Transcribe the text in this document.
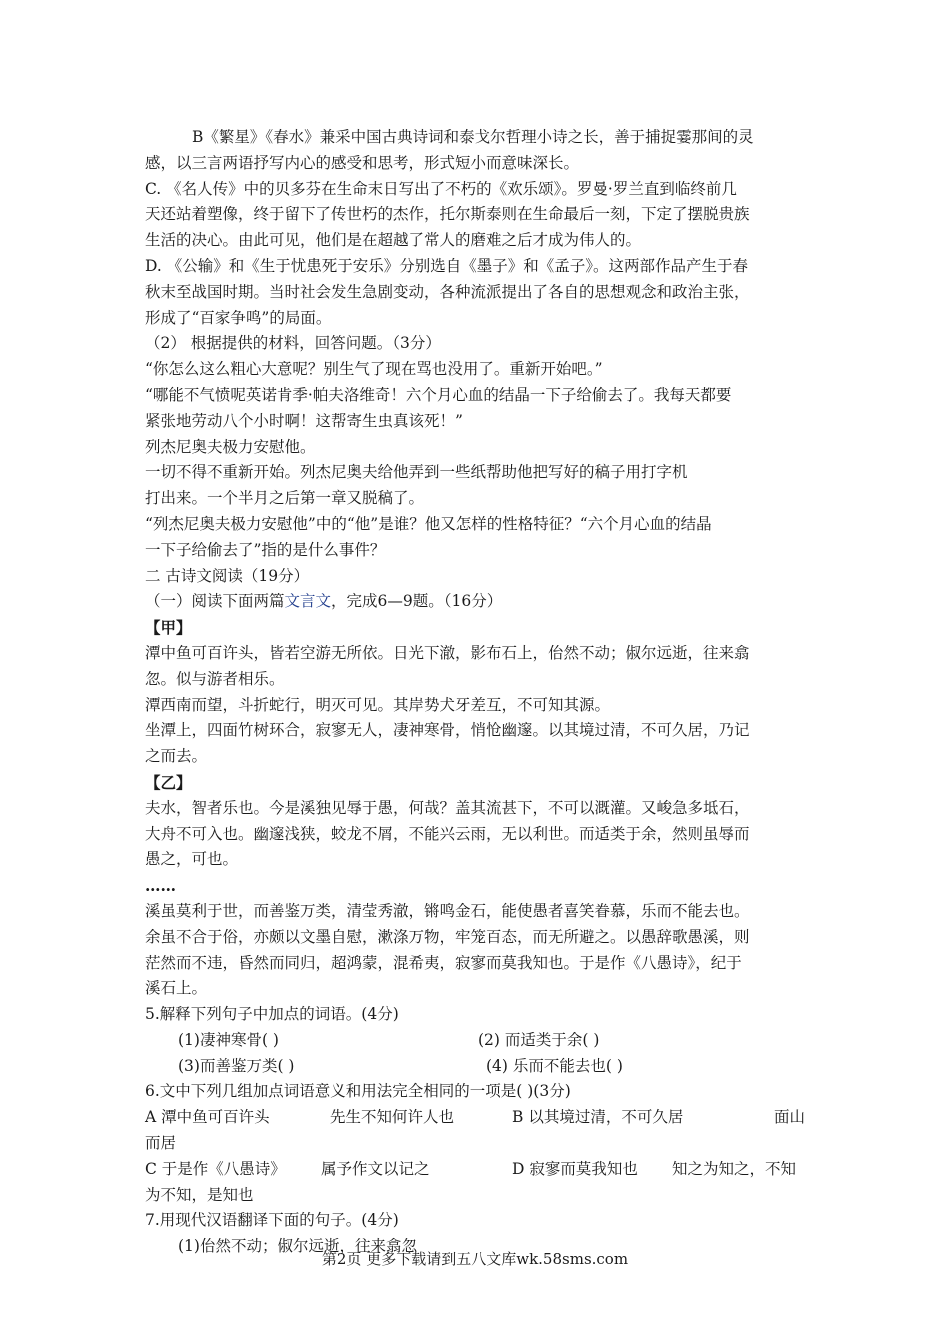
B《繁星》《春水》兼采中国古典诗词和泰戈尔哲理小诗之长，善于捕捉霎那间的灵
感，以三言两语抒写内心的感受和思考，形式短小而意味深长。
C. 《名人传》中的贝多芬在生命末日写出了不朽的《欢乐颂》。罗曼·罗兰直到临终前几
天还站着塑像，终于留下了传世朽的杰作，托尔斯泰则在生命最后一刻，下定了摆脱贵族
生活的决心。由此可见，他们是在超越了常人的磨难之后才成为伟人的。
D. 《公输》和《生于忧患死于安乐》分别选自《墨子》和《孟子》。这两部作品产生于春
秋末至战国时期。当时社会发生急剧变动，各种流派提出了各自的思想观念和政治主张，
形成了“百家争鸣”的局面。
（2） 根据提供的材料，回答问题。（3分）
“你怎么这么粗心大意呢？别生气了现在骂也没用了。重新开始吧。”
“哪能不气愤呢英诺肯季·帕夫洛维奇！六个月心血的结晶一下子给偷去了。我每天都要
紧张地劳动八个小时啊！这帮寄生虫真该死！”
列杰尼奥夫极力安慰他。
一切不得不重新开始。列杰尼奥夫给他弄到一些纸帮助他把写好的稿子用打字机
打出来。一个半月之后第一章又脱稿了。
“列杰尼奥夫极力安慰他”中的“他”是谁？他又怎样的性格特征？“六个月心血的结晶
一下子给偷去了”指的是什么事件？
二 古诗文阅读（19分）
（一）阅读下面两篇文言文，完成6—9题。（16分）
【甲】
潭中鱼可百许头，皆若空游无所依。日光下澈，影布石上，佁然不动；俶尔远逝，往来翕
忽。似与游者相乐。
潭西南而望，斗折蛇行，明灭可见。其岸势犬牙差互，不可知其源。
坐潭上，四面竹树环合，寂寥无人，凄神寒骨，悄怆幽邃。以其境过清，不可久居，乃记
之而去。
【乙】
夫水，智者乐也。今是溪独见辱于愚，何哉？盖其流甚下，不可以溉灌。又峻急多坻石，
大舟不可入也。幽邃浅狭，蛟龙不屑，不能兴云雨，无以利世。而适类于余，然则虽辱而
愚之，可也。
……
溪虽莫利于世，而善鉴万类，清莹秀澈，锵鸣金石，能使愚者喜笑眷慕，乐而不能去也。
余虽不合于俗，亦颇以文墨自慰，漱涤万物，牢笼百态，而无所避之。以愚辞歌愚溪，则
茫然而不违，昏然而同归，超鸿蒙，混希夷，寂寥而莫我知也。于是作《八愚诗》，纪于
溪石上。
5.解释下列句子中加点的词语。(4分)
(1)凄神寒骨( )	(2) 而适类于余( )
(3)而善鉴万类( )	(4) 乐而不能去也( )
6.文中下列几组加点词语意义和用法完全相同的一项是( )(3分)
A 潭中鱼可百许头	先生不知何许人也	B 以其境过清，不可久居	面山
而居
C 于是作《八愚诗》	属予作文以记之	D 寂寥而莫我知也	知之为知之，不知
为不知，是知也
7.用现代汉语翻译下面的句子。(4分)
(1)佁然不动；俶尔远逝，往来翕忽
第2页 更多下载请到五八文库wk.58sms.com
